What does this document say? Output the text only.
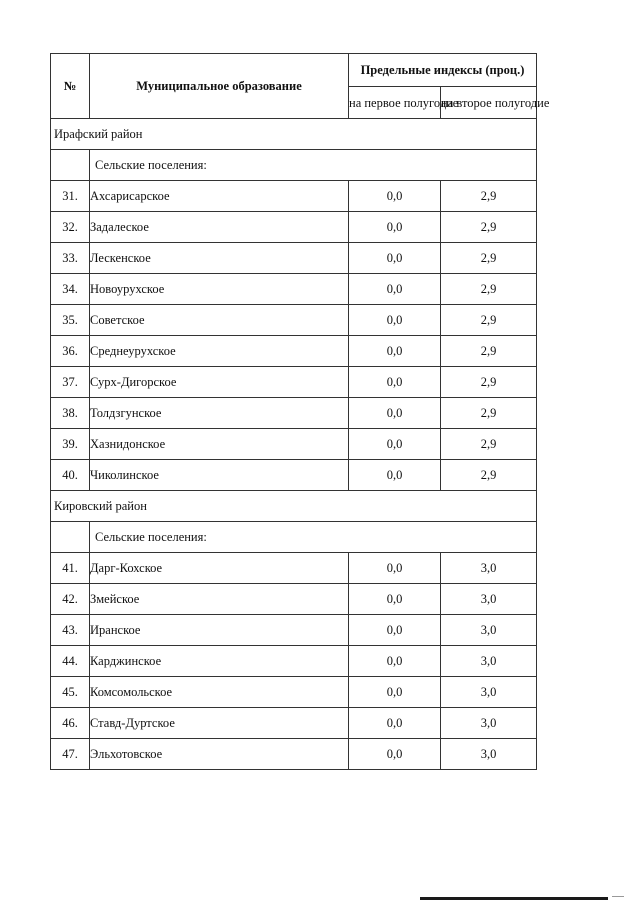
№	Муниципальное образование	Предельные индексы (проц.)	
		на первое полугодие	на второе полугодие
Ирафский район			
	Сельские поселения:		
31.	Ахсарисарское	0,0	2,9
32.	Задалеское	0,0	2,9
33.	Лескенское	0,0	2,9
34.	Новоурухское	0,0	2,9
35.	Советское	0,0	2,9
36.	Среднеурухское	0,0	2,9
37.	Сурх-Дигорское	0,0	2,9
38.	Толдзгунское	0,0	2,9
39.	Хазнидонское	0,0	2,9
40.	Чиколинское	0,0	2,9
Кировский район			
	Сельские поселения:		
41.	Дарг-Кохское	0,0	3,0
42.	Змейское	0,0	3,0
43.	Иранское	0,0	3,0
44.	Карджинское	0,0	3,0
45.	Комсомольское	0,0	3,0
46.	Ставд-Дуртское	0,0	3,0
47.	Эльхотовское	0,0	3,0
